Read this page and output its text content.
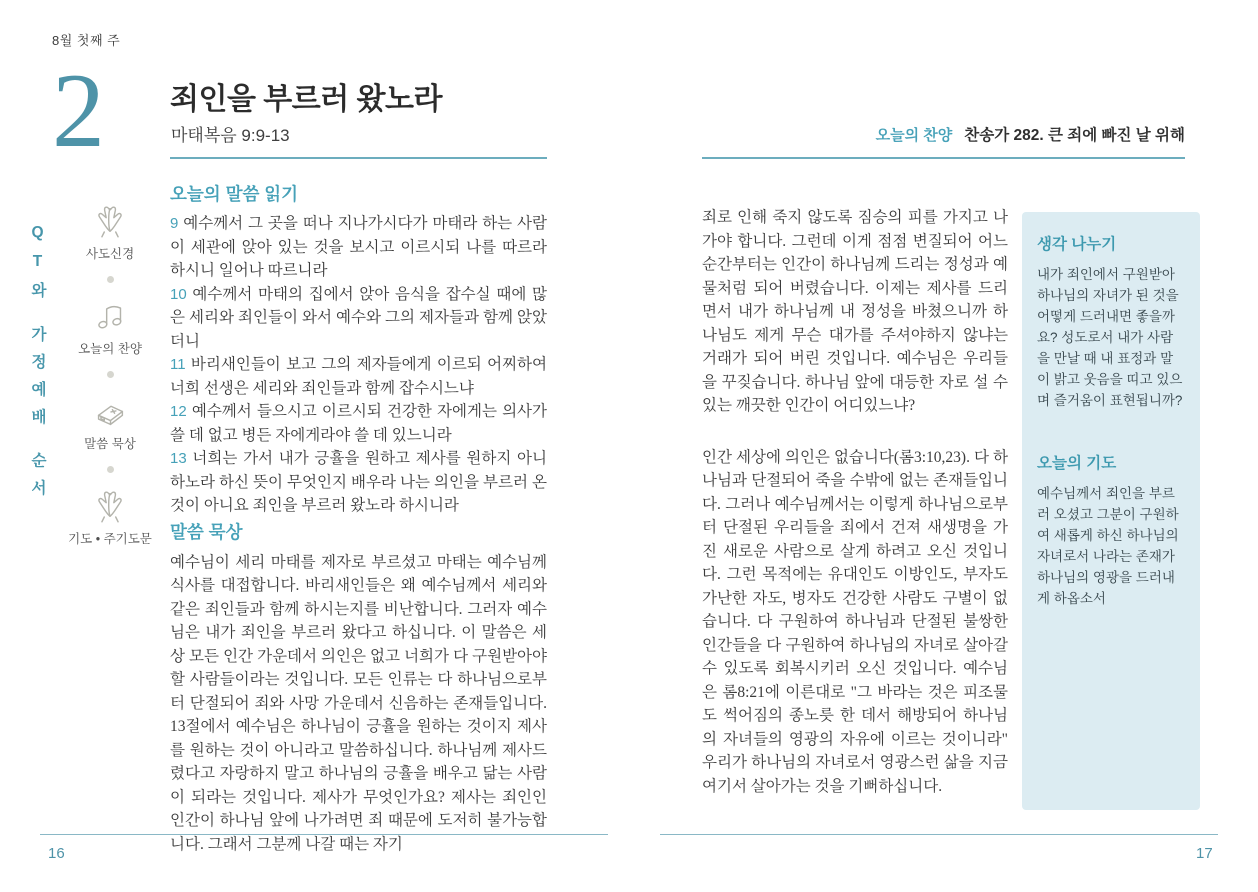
8월 첫째 주
2 죄인을 부르러 왔노라
마태복음 9:9-13	오늘의 찬양 찬송가 282. 큰 죄에 빠진 날 위해
QT와
가정예배
순서
사도신경
오늘의 찬양
말씀 묵상
기도 • 주기도문
오늘의 말씀 읽기

9 예수께서 그 곳을 떠나 지나가시다가 마태라 하는 사람이 세관에 앉아 있는 것을 보시고 이르시되 나를 따르라 하시니 일어나 따르니라

10 예수께서 마태의 집에서 앉아 음식을 잡수실 때에 많은 세리와 죄인들이 와서 예수와 그의 제자들과 함께 앉았더니

11 바리새인들이 보고 그의 제자들에게 이르되 어찌하여 너희 선생은 세리와 죄인들과 함께 잡수시느냐

12 예수께서 들으시고 이르시되 건강한 자에게는 의사가 쓸 데 없고 병든 자에게라야 쓸 데 있느니라

13 너희는 가서 내가 긍휼을 원하고 제사를 원하지 아니하노라 하신 뜻이 무엇인지 배우라 나는 의인을 부르러 온 것이 아니요 죄인을 부르러 왔노라 하시니라

말씀 묵상

예수님이 세리 마태를 제자로 부르셨고 마태는 예수님께 식사를 대접합니다. 바리새인들은 왜 예수님께서 세리와 같은 죄인들과 함께 하시는지를 비난합니다. 그러자 예수님은 내가 죄인을 부르러 왔다고 하십니다. 이 말씀은 세상 모든 인간 가운데서 의인은 없고 너희가 다 구원받아야 할 사람들이라는 것입니다. 모든 인류는 다 하나님으로부터 단절되어 죄와 사망 가운데서 신음하는 존재들입니다. 13절에서 예수님은 하나님이 긍휼을 원하는 것이지 제사를 원하는 것이 아니라고 말씀하십니다. 하나님께 제사드렸다고 자랑하지 말고 하나님의 긍휼을 배우고 닮는 사람이 되라는 것입니다. 제사가 무엇인가요? 제사는 죄인인 인간이 하나님 앞에 나가려면 죄 때문에 도저히 불가능합니다. 그래서 그분께 나갈 때는 자기

죄로 인해 죽지 않도록 짐승의 피를 가지고 나가야 합니다. 그런데 이게 점점 변질되어 어느 순간부터는 인간이 하나님께 드리는 정성과 예물처럼 되어 버렸습니다. 이제는 제사를 드리면서 내가 하나님께 내 정성을 바쳤으니까 하나님도 제게 무슨 대가를 주셔야하지 않냐는 거래가 되어 버린 것입니다. 예수님은 우리들을 꾸짖습니다. 하나님 앞에 대등한 자로 설 수 있는 깨끗한 인간이 어디있느냐?

인간 세상에 의인은 없습니다(롬3:10,23). 다 하나님과 단절되어 죽을 수밖에 없는 존재들입니다. 그러나 예수님께서는 이렇게 하나님으로부터 단절된 우리들을 죄에서 건져 새생명을 가진 새로운 사람으로 살게 하려고 오신 것입니다. 그런 목적에는 유대인도 이방인도, 부자도 가난한 자도, 병자도 건강한 사람도 구별이 없습니다. 다 구원하여 하나님과 단절된 불쌍한 인간들을 다 구원하여 하나님의 자녀로 살아갈 수 있도록 회복시키러 오신 것입니다. 예수님은 롬8:21에 이른대로 "그 바라는 것은 피조물도 썩어짐의 종노릇 한 데서 해방되어 하나님의 자녀들의 영광의 자유에 이르는 것이니라" 우리가 하나님의 자녀로서 영광스런 삶을 지금 여기서 살아가는 것을 기뻐하십니다.

생각 나누기

내가 죄인에서 구원받아 하나님의 자녀가 된 것을 어떻게 드러내면 좋을까요? 성도로서 내가 사람을 만날 때 내 표정과 말이 밝고 웃음을 띠고 있으며 즐거움이 표현됩니까?

오늘의 기도

예수님께서 죄인을 부르러 오셨고 그분이 구원하여 새롭게 하신 하나님의 자녀로서 나라는 존재가 하나님의 영광을 드러내게 하옵소서

16	17
